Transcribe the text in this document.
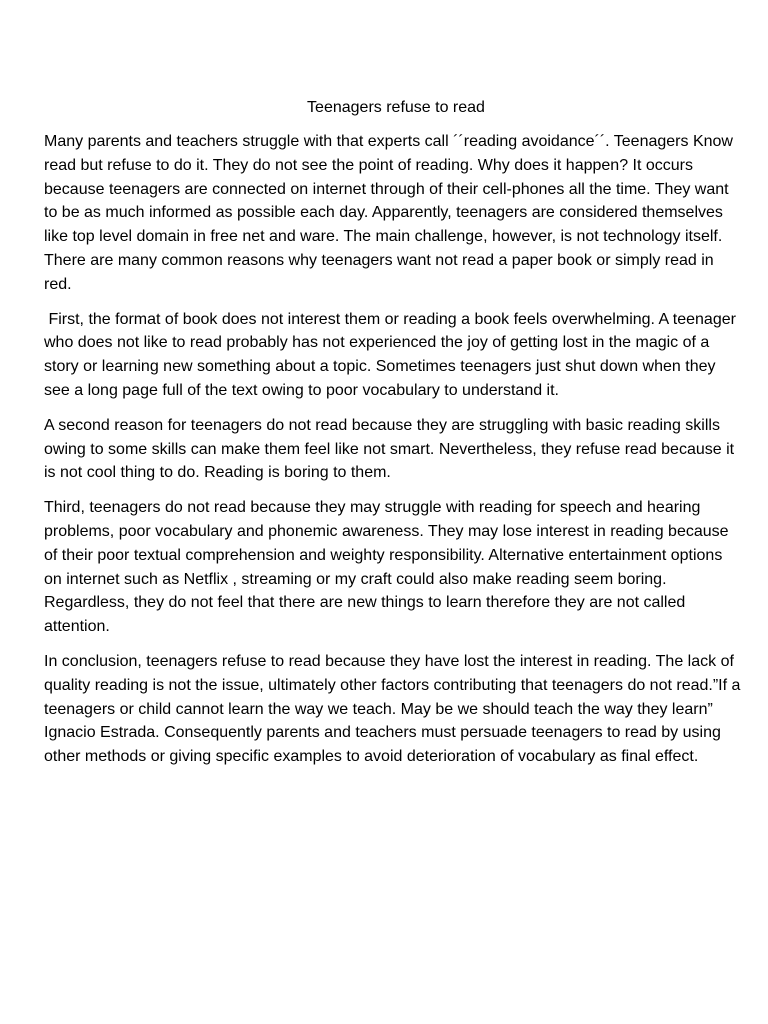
Teenagers refuse to read

Many parents and teachers struggle with that experts call ´´reading avoidance´´. Teenagers Know read but refuse to do it. They do not see the point of reading. Why does it happen? It occurs because teenagers are connected on internet through of their cell-phones all the time. They want to be as much informed as possible each day. Apparently, teenagers are considered themselves like top level domain in free net and ware. The main challenge, however, is not technology itself. There are many common reasons why teenagers want not read a paper book or simply read in red.

First, the format of book does not interest them or reading a book feels overwhelming. A teenager who does not like to read probably has not experienced the joy of getting lost in the magic of a story or learning new something about a topic. Sometimes teenagers just shut down when they see a long page full of the text owing to poor vocabulary to understand it.

A second reason for teenagers do not read because they are struggling with basic reading skills owing to some skills can make them feel like not smart. Nevertheless, they refuse read because it is not cool thing to do. Reading is boring to them.

Third, teenagers do not read because they may struggle with reading for speech and hearing problems, poor vocabulary and phonemic awareness. They may lose interest in reading because of their poor textual comprehension and weighty responsibility. Alternative entertainment options on internet such as Netflix , streaming or my craft could also make reading seem boring. Regardless, they do not feel that there are new things to learn therefore they are not called attention.

In conclusion, teenagers refuse to read because they have lost the interest in reading. The lack of quality reading is not the issue, ultimately other factors contributing that teenagers do not read.”If a teenagers or child cannot learn the way we teach. May be we should teach the way they learn” Ignacio Estrada. Consequently parents and teachers must persuade teenagers to read by using other methods or giving specific examples to avoid deterioration of vocabulary as final effect.
